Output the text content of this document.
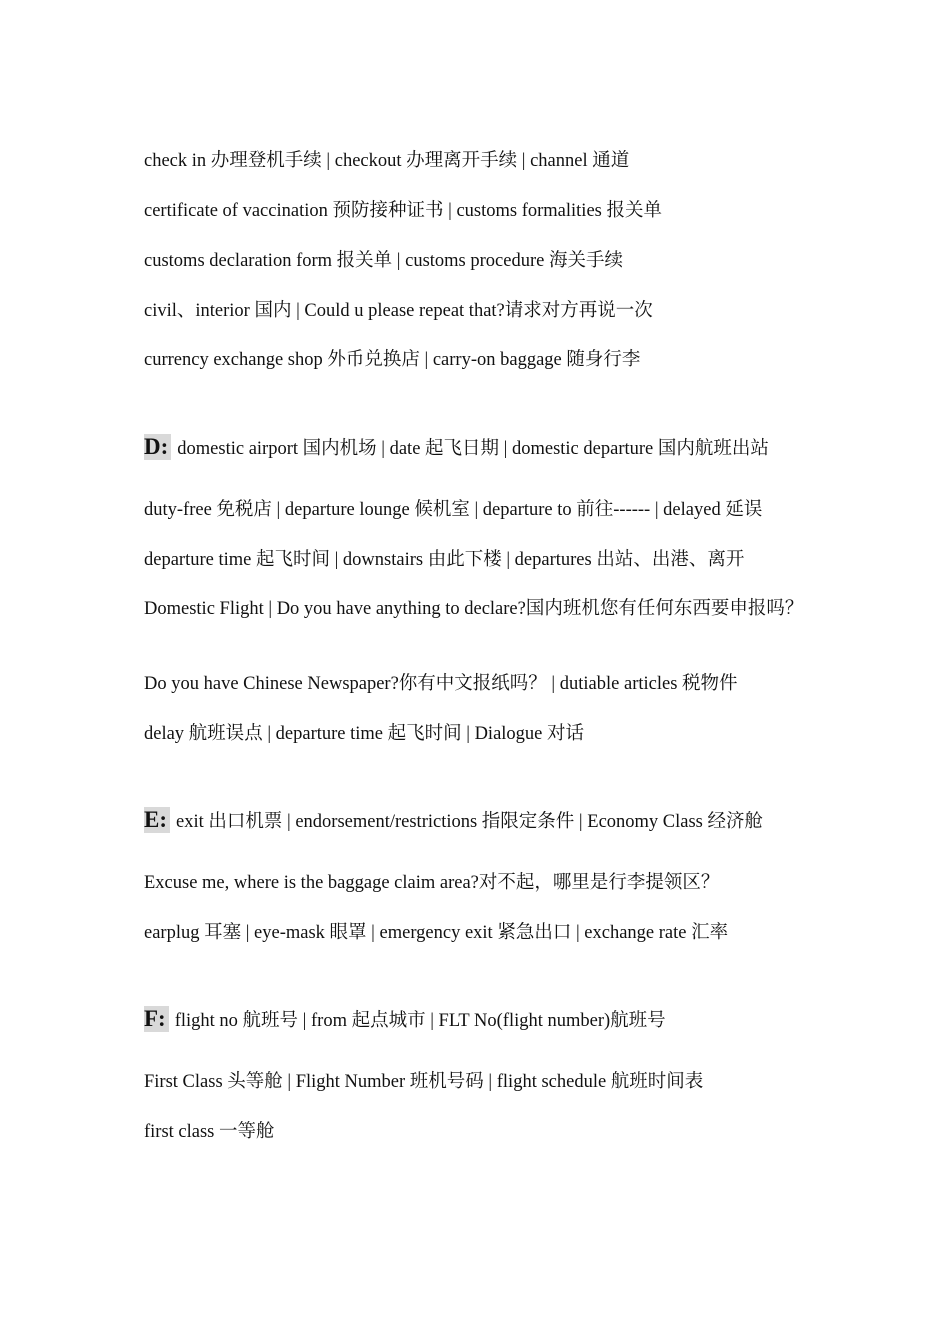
check in 办理登机手续 | checkout 办理离开手续 | channel 通道
certificate of vaccination 预防接种证书 | customs formalities 报关单
customs declaration form 报关单 | customs procedure 海关手续
civil、interior 国内 | Could u please repeat that?请求对方再说一次
currency exchange shop 外币兑换店 | carry-on baggage 随身行李
D: domestic airport 国内机场 | date 起飞日期 | domestic departure 国内航班出站
duty-free 免税店 | departure lounge 候机室 | departure to 前往------ | delayed 延误
departure time 起飞时间 | downstairs 由此下楼 | departures 出站、出港、离开
Domestic Flight | Do you have anything to declare?国内班机您有任何东西要申报吗？
Do you have Chinese Newspaper?你有中文报纸吗？ | dutiable articles 税物件
delay 航班误点 | departure time 起飞时间 | Dialogue 对话
E: exit 出口机票 | endorsement/restrictions 指限定条件 | Economy Class 经济舱
Excuse me, where is the baggage claim area?对不起，哪里是行李提领区？
earplug 耳塞 | eye-mask 眼罩 | emergency exit 紧急出口 | exchange rate 汇率
F: flight no 航班号 | from 起点城市 | FLT No(flight number)航班号
First Class 头等舱 | Flight Number 班机号码 | flight schedule 航班时间表
first class 一等舱
